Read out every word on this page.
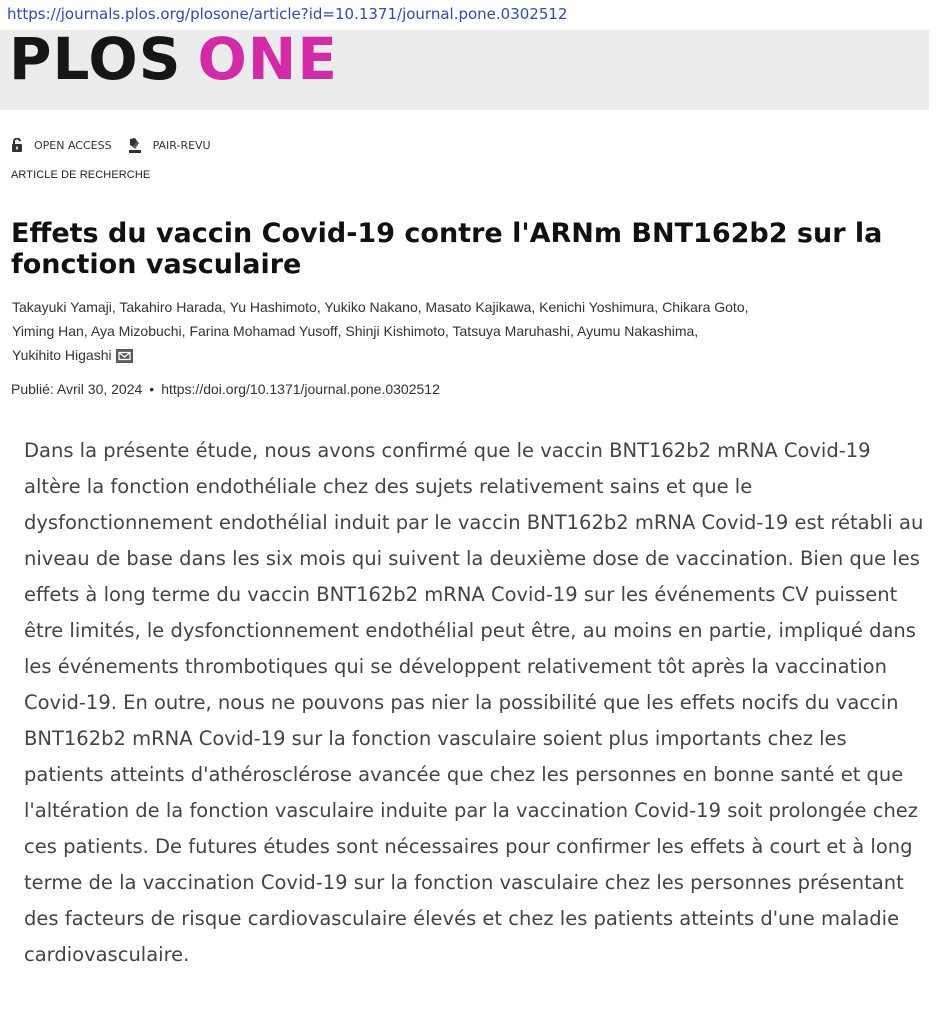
https://journals.plos.org/plosone/article?id=10.1371/journal.pone.0302512
PLOS ONE
OPEN ACCESS	PAIR-REVU
ARTICLE DE RECHERCHE
Effets du vaccin Covid-19 contre l'ARNm BNT162b2 sur la fonction vasculaire
Takayuki Yamaji, Takahiro Harada, Yu Hashimoto, Yukiko Nakano, Masato Kajikawa, Kenichi Yoshimura, Chikara Goto,
Yiming Han, Aya Mizobuchi, Farina Mohamad Yusoff, Shinji Kishimoto, Tatsuya Maruhashi, Ayumu Nakashima,
Yukihito Higashi
Publié: Avril 30, 2024 • https://doi.org/10.1371/journal.pone.0302512

Dans la présente étude, nous avons confirmé que le vaccin BNT162b2 mRNA Covid-19 altère la fonction endothéliale chez des sujets relativement sains et que le dysfonctionnement endothélial induit par le vaccin BNT162b2 mRNA Covid-19 est rétabli au niveau de base dans les six mois qui suivent la deuxième dose de vaccination. Bien que les effets à long terme du vaccin BNT162b2 mRNA Covid-19 sur les événements CV puissent être limités, le dysfonctionnement endothélial peut être, au moins en partie, impliqué dans les événements thrombotiques qui se développent relativement tôt après la vaccination Covid-19. En outre, nous ne pouvons pas nier la possibilité que les effets nocifs du vaccin BNT162b2 mRNA Covid-19 sur la fonction vasculaire soient plus importants chez les patients atteints d'athérosclérose avancée que chez les personnes en bonne santé et que l'altération de la fonction vasculaire induite par la vaccination Covid-19 soit prolongée chez ces patients. De futures études sont nécessaires pour confirmer les effets à court et à long terme de la vaccination Covid-19 sur la fonction vasculaire chez les personnes présentant des facteurs de risque cardiovasculaire élevés et chez les patients atteints d'une maladie cardiovasculaire.
